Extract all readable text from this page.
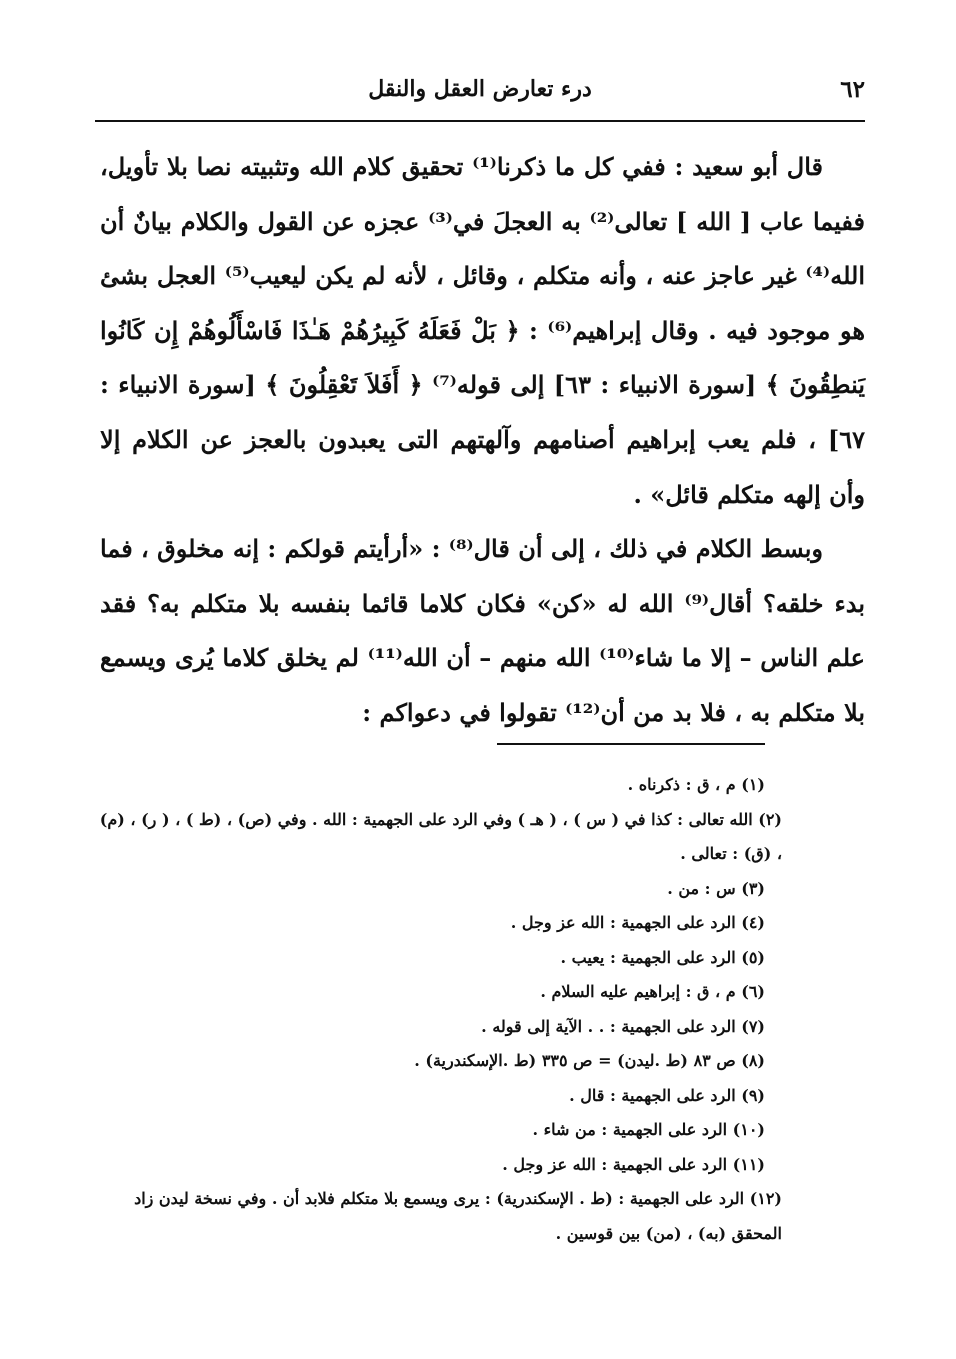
٦٢
درء تعارض العقل والنقل

قال أبو سعيد : ففي كل ما ذكرنا⁽¹⁾ تحقيق كلام الله وتثبيته نصا بلا تأويل، ففيما عاب [ الله ] تعالى⁽²⁾ به العجلَ في⁽³⁾ عجزه عن القول والكلام بيانٌ أن الله⁽⁴⁾ غير عاجز عنه ، وأنه متكلم ، وقائل ، لأنه لم يكن ليعيب⁽⁵⁾ العجل بشئ هو موجود فيه . وقال إبراهيم⁽⁶⁾ : ﴿ بَلْ فَعَلَهُ كَبِيرُهُمْ هَـٰذَا فَاسْأَلُوهُمْ إِن كَانُوا يَنطِقُونَ ﴾ [سورة الانبياء : ٦٣] إلى قوله⁽⁷⁾ ﴿ أَفَلاَ تَعْقِلُونَ ﴾ [سورة الانبياء : ٦٧] ، فلم يعب إبراهيم أصنامهم وآلهتهم التى يعبدون بالعجز عن الكلام إلا وأن إلهه متكلم قائل» .

وبسط الكلام في ذلك ، إلى أن قال⁽⁸⁾ : «أرأيتم قولكم : إنه مخلوق ، فما بدء خلقه؟ أقال⁽⁹⁾ الله له «كن» فكان كلاما قائما بنفسه بلا متكلم به؟ فقد علم الناس – إلا ما شاء⁽¹⁰⁾ الله منهم – أن الله⁽¹¹⁾ لم يخلق كلاما يُرى ويسمع بلا متكلم به ، فلا بد من أن⁽¹²⁾ تقولوا في دعواكم :

(١) م ، ق : ذكرناه .

(٢) الله تعالى : كذا في ( س ) ، ( هـ ) وفي الرد على الجهمية : الله . وفي (ص) ، (ط ) ، ( ر) ، (م) ، (ق) : تعالى .

(٣) س : من .

(٤) الرد على الجهمية : الله عز وجل .

(٥) الرد على الجهمية : يعيب .

(٦) م ، ق : إبراهيم عليه السلام .

(٧) الرد على الجهمية : . . الآية إلى قوله .

(٨) ص ٨٣ (ط .ليدن) = ص ٣٣٥ (ط .الإسكندرية) .

(٩) الرد على الجهمية : قال .

(١٠) الرد على الجهمية : من شاء .

(١١) الرد على الجهمية : الله عز وجل .

(١٢) الرد على الجهمية : (ط . الإسكندرية) : يرى ويسمع بلا متكلم فلابد أن . وفي نسخة ليدن زاد المحقق (به) ، (من) بين قوسين .
